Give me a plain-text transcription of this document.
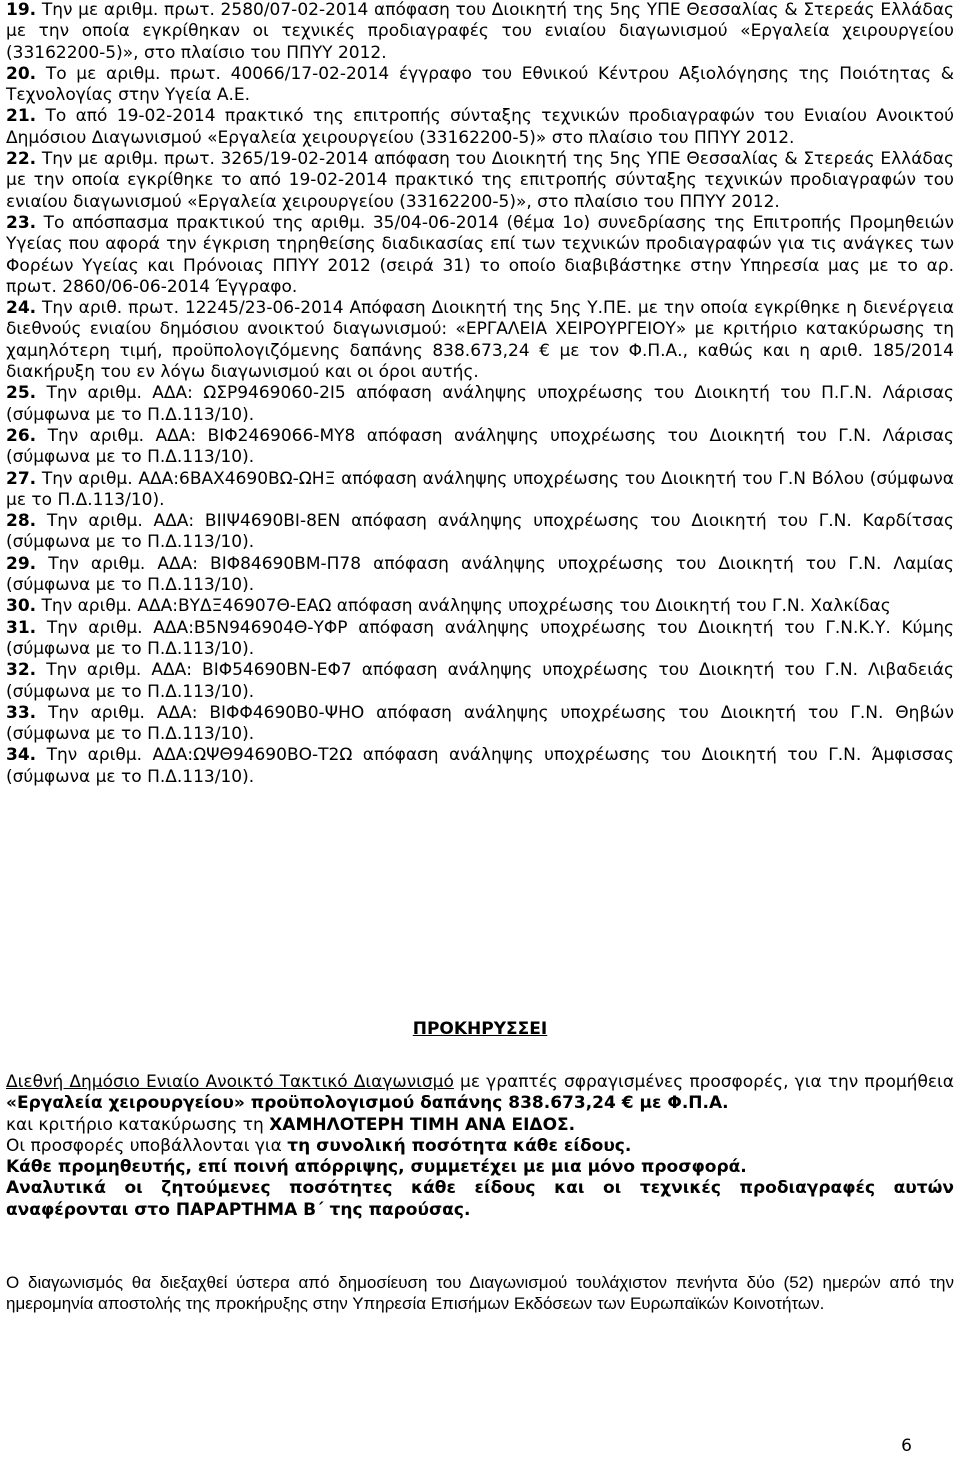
19. Την με αριθμ. πρωτ. 2580/07-02-2014 απόφαση του Διοικητή της 5ης ΥΠΕ Θεσσαλίας & Στερεάς Ελλάδας με την οποία εγκρίθηκαν οι τεχνικές προδιαγραφές του ενιαίου διαγωνισμού «Εργαλεία χειρουργείου (33162200-5)», στο πλαίσιο του ΠΠΥΥ 2012.

20. Το με αριθμ. πρωτ. 40066/17-02-2014 έγγραφο του Εθνικού Κέντρου Αξιολόγησης της Ποιότητας & Τεχνολογίας στην Υγεία Α.Ε.

21. Το από 19-02-2014 πρακτικό της επιτροπής σύνταξης τεχνικών προδιαγραφών του Ενιαίου Ανοικτού Δημόσιου Διαγωνισμού «Εργαλεία χειρουργείου (33162200-5)» στο πλαίσιο του ΠΠΥΥ 2012.

22. Την με αριθμ. πρωτ. 3265/19-02-2014 απόφαση του Διοικητή της 5ης ΥΠΕ Θεσσαλίας & Στερεάς Ελλάδας με την οποία εγκρίθηκε το από 19-02-2014 πρακτικό της επιτροπής σύνταξης τεχνικών προδιαγραφών του ενιαίου διαγωνισμού «Εργαλεία χειρουργείου (33162200-5)», στο πλαίσιο του ΠΠΥΥ 2012.

23. Το απόσπασμα πρακτικού της αριθμ. 35/04-06-2014 (θέμα 1ο) συνεδρίασης της Επιτροπής Προμηθειών Υγείας που αφορά την έγκριση τηρηθείσης διαδικασίας επί των τεχνικών προδιαγραφών για τις ανάγκες των Φορέων Υγείας και Πρόνοιας ΠΠΥΥ 2012 (σειρά 31) το οποίο διαβιβάστηκε στην Υπηρεσία μας με το αρ. πρωτ. 2860/06-06-2014 Έγγραφο.

24. Την αριθ. πρωτ. 12245/23-06-2014 Απόφαση Διοικητή της 5ης Υ.ΠΕ. με την οποία εγκρίθηκε η διενέργεια διεθνούς ενιαίου δημόσιου ανοικτού διαγωνισμού: «ΕΡΓΑΛΕΙΑ ΧΕΙΡΟΥΡΓΕΙΟΥ» με κριτήριο κατακύρωσης τη χαμηλότερη τιμή, προϋπολογιζόμενης δαπάνης 838.673,24 € με τον Φ.Π.Α., καθώς και η αριθ. 185/2014 διακήρυξη του εν λόγω διαγωνισμού και οι όροι αυτής.

25. Την αριθμ. ΑΔΑ: ΩΣΡ9469060-2Ι5 απόφαση ανάληψης υποχρέωσης του Διοικητή του Π.Γ.Ν. Λάρισας (σύμφωνα με το Π.Δ.113/10).

26. Την αριθμ. ΑΔΑ: ΒΙΦ2469066-ΜΥ8 απόφαση ανάληψης υποχρέωσης του Διοικητή του Γ.Ν. Λάρισας (σύμφωνα με το Π.Δ.113/10).

27. Την αριθμ. ΑΔΑ:6ΒΑΧ4690ΒΩ-ΩΗΞ απόφαση ανάληψης υποχρέωσης του Διοικητή του Γ.Ν Βόλου (σύμφωνα με το Π.Δ.113/10).

28. Την αριθμ. ΑΔΑ: ΒΙΙΨ4690ΒΙ-8ΕΝ απόφαση ανάληψης υποχρέωσης του Διοικητή του Γ.Ν. Καρδίτσας (σύμφωνα με το Π.Δ.113/10).

29. Την αριθμ. ΑΔΑ: ΒΙΦ84690ΒΜ-Π78 απόφαση ανάληψης υποχρέωσης του Διοικητή του Γ.Ν. Λαμίας (σύμφωνα με το Π.Δ.113/10).

30. Την αριθμ. ΑΔΑ:ΒΥΔΞ46907Θ-ΕΑΩ απόφαση ανάληψης υποχρέωσης του Διοικητή του Γ.Ν. Χαλκίδας

31. Την αριθμ. ΑΔΑ:Β5Ν946904Θ-ΥΦΡ απόφαση ανάληψης υποχρέωσης του Διοικητή του Γ.Ν.Κ.Υ. Κύμης (σύμφωνα με το Π.Δ.113/10).

32. Την αριθμ. ΑΔΑ: ΒΙΦ54690ΒΝ-ΕΦ7 απόφαση ανάληψης υποχρέωσης του Διοικητή του Γ.Ν. Λιβαδειάς (σύμφωνα με το Π.Δ.113/10).

33. Την αριθμ. ΑΔΑ: ΒΙΦΦ4690Β0-ΨΗΟ απόφαση ανάληψης υποχρέωσης του Διοικητή του Γ.Ν. Θηβών (σύμφωνα με το Π.Δ.113/10).

34. Την αριθμ. ΑΔΑ:ΩΨΘ94690ΒΟ-Τ2Ω απόφαση ανάληψης υποχρέωσης του Διοικητή του Γ.Ν. Άμφισσας (σύμφωνα με το Π.Δ.113/10).

ΠΡΟΚΗΡΥΣΣΕΙ

Διεθνή Δημόσιο Ενιαίο Ανοικτό Τακτικό Διαγωνισμό με γραπτές σφραγισμένες προσφορές, για την προμήθεια «Εργαλεία χειρουργείου» προϋπολογισμού δαπάνης 838.673,24 € με Φ.Π.Α.

και κριτήριο κατακύρωσης τη ΧΑΜΗΛΟΤΕΡΗ ΤΙΜΗ ΑΝΑ ΕΙΔΟΣ.

Οι προσφορές υποβάλλονται για τη συνολική ποσότητα κάθε είδους.

Κάθε προμηθευτής, επί ποινή απόρριψης, συμμετέχει με μια μόνο προσφορά.

Αναλυτικά οι ζητούμενες ποσότητες κάθε είδους και οι τεχνικές προδιαγραφές αυτών αναφέρονται στο ΠΑΡΑΡΤΗΜΑ Β΄ της παρούσας.

Ο διαγωνισμός θα διεξαχθεί ύστερα από δημοσίευση του Διαγωνισμού τουλάχιστον πενήντα δύο (52) ημερών από την ημερομηνία αποστολής της προκήρυξης στην Υπηρεσία Επισήμων Εκδόσεων των Ευρωπαϊκών Κοινοτήτων.

6
